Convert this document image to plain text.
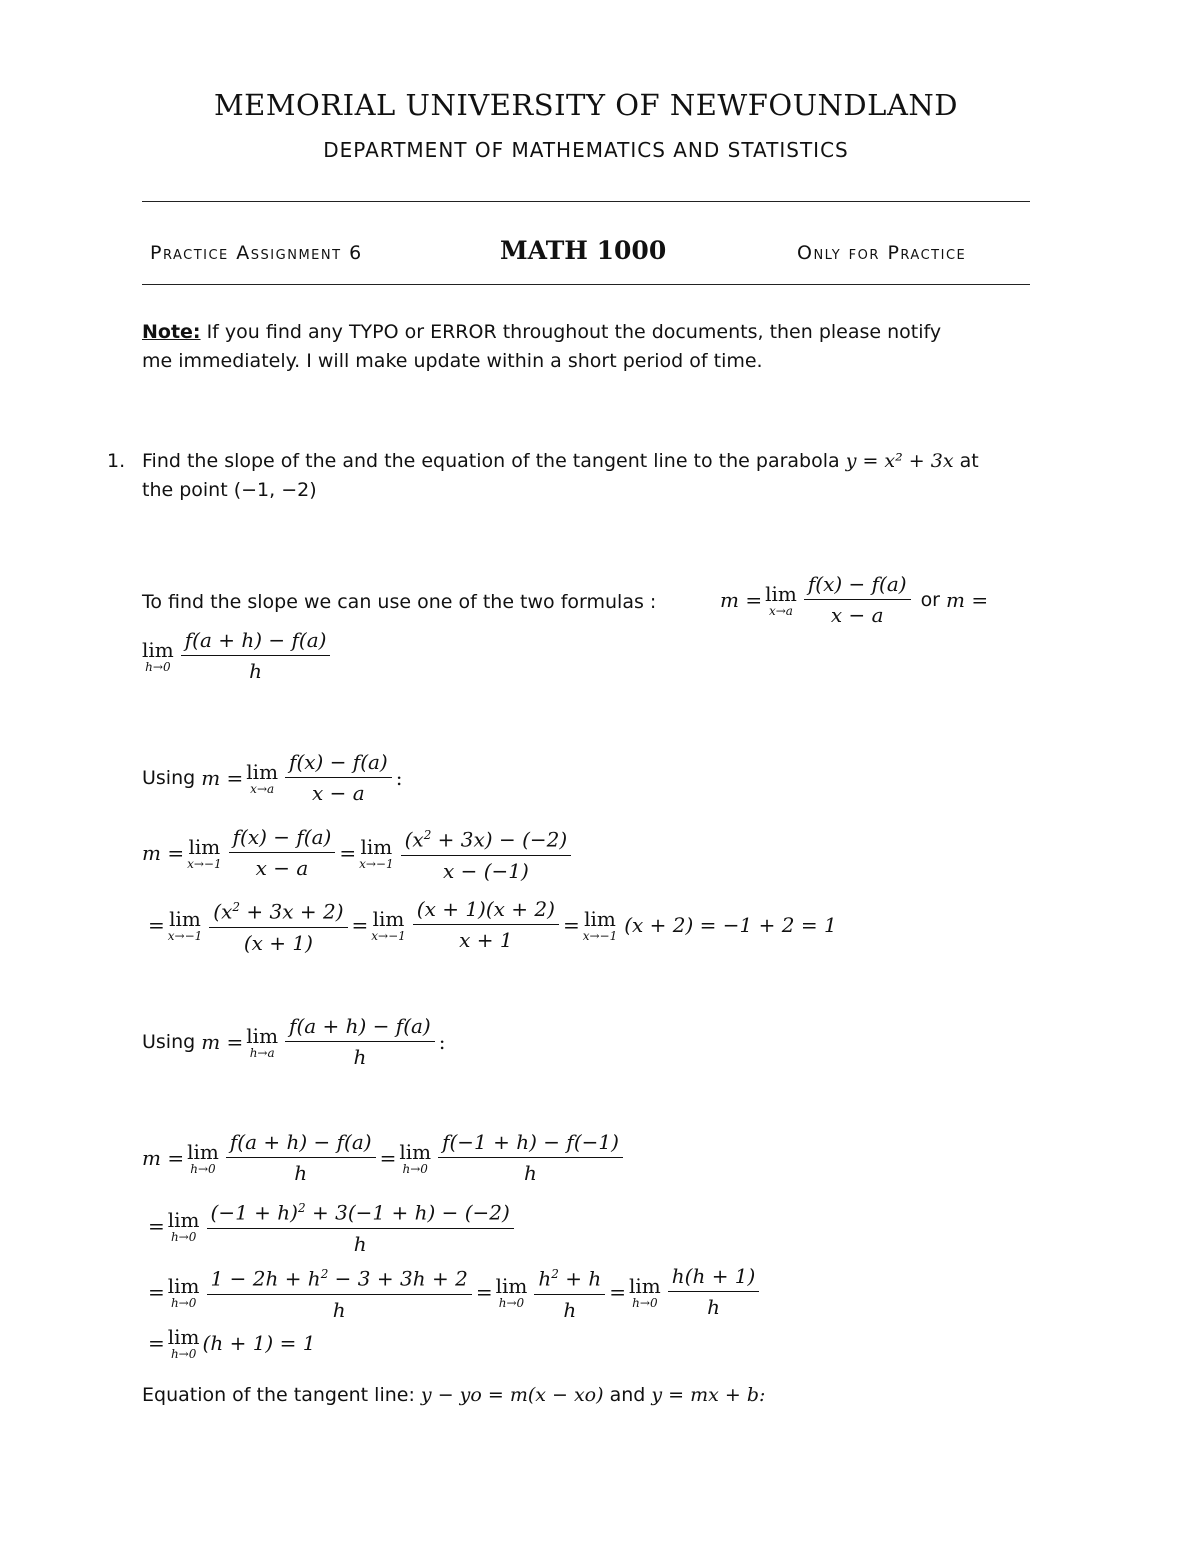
MEMORIAL UNIVERSITY OF NEWFOUNDLAND
DEPARTMENT OF MATHEMATICS AND STATISTICS
Practice Assignment 6	MATH 1000	Only for Practice
Note: If you find any TYPO or ERROR throughout the documents, then please notify
me immediately. I will make update within a short period of time.
1. Find the slope of the and the equation of the tangent line to the parabola y = x² + 3x at
the point (−1, −2)
To find the slope we can use one of the two formulas :	m = lim
$x\to a \frac{f(x) - f(a)}{x - a}$ or m =
lim
$h\to 0 \frac{f(a + h) - f(a)}{h}$
Using m = lim
$x\to a \frac{f(x) - f(a)}{x - a}$ :
m = lim
$x\to-1 \frac{f(x) - f(a)}{x - a} = \lim$
$x\to-1 \frac{(x^2 + 3x) - (-2)}{x - (-1)}$
= lim
$x\to-1 \frac{(x^2 + 3x + 2)}{(x + 1)} = \lim$
$x\to-1 \frac{(x + 1)(x + 2)}{x + 1} = \lim$
x→−1 (x + 2) = −1 + 2 = 1
Using m = lim
$h\to a \frac{f(a + h) - f(a)}{h}$ :
m = lim
$h\to 0 \frac{f(a + h) - f(a)}{h} = \lim$
$h\to 0 \frac{f(-1 + h) - f(-1)}{h}$
= lim
$h\to 0 \frac{(-1 + h)^2 + 3(-1 + h) - (-2)}{h}$
= lim
$h\to 0 \frac{1 - 2h + h^2 - 3 + 3h + 2}{h} = \lim$
$h\to 0 \frac{h^2 + h}{h} = \lim$
$h\to 0 \frac{h(h + 1)}{h}$
= lim
h→0 (h + 1) = 1
Equation of the tangent line: y − yo = m(x − xo) and y = mx + b:
